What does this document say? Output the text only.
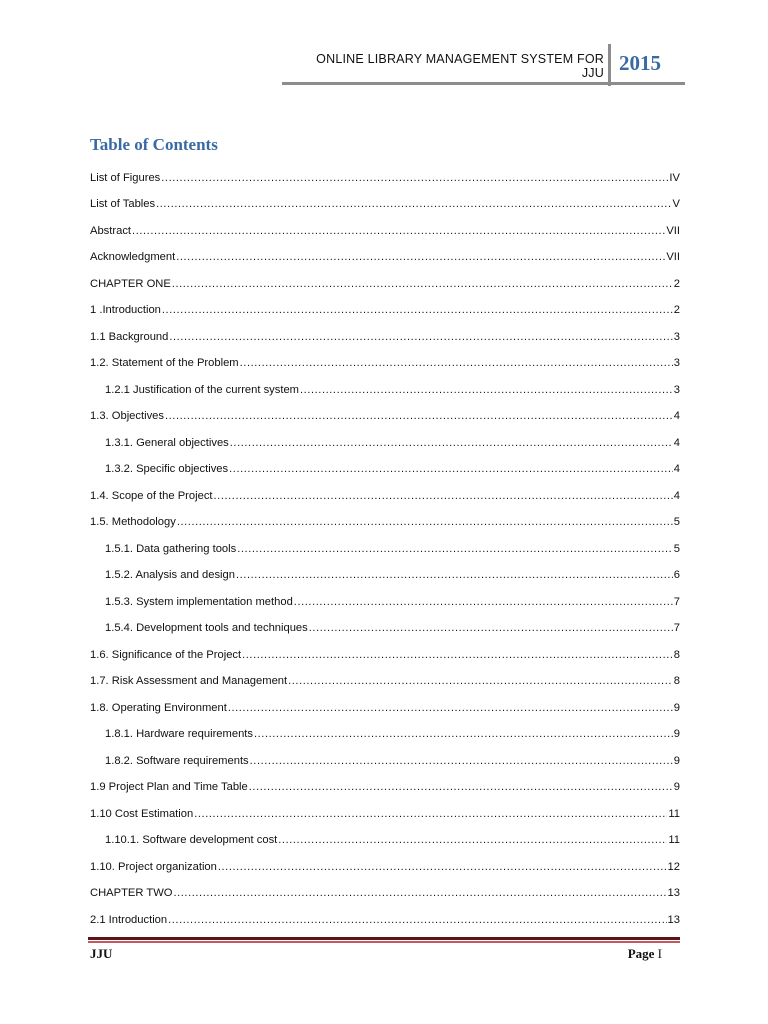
ONLINE LIBRARY MANAGEMENT SYSTEM FOR JJU 2015
Table of Contents
List of Figures .....	IV
List of Tables .....	V
Abstract .....	VII
Acknowledgment .....	VII
CHAPTER ONE .....	2
1 .Introduction .....	2
1.1 Background .....	3
1.2. Statement of the Problem .....	3
1.2.1 Justification of the current system .....	3
1.3. Objectives .....	4
1.3.1. General objectives .....	4
1.3.2. Specific objectives .....	4
1.4. Scope of the Project .....	4
1.5. Methodology .....	5
1.5.1. Data gathering tools .....	5
1.5.2. Analysis and design .....	6
1.5.3. System implementation method .....	7
1.5.4. Development tools and techniques .....	7
1.6. Significance of the Project .....	8
1.7. Risk Assessment and Management .....	8
1.8. Operating Environment .....	9
1.8.1. Hardware requirements .....	9
1.8.2. Software requirements .....	9
1.9 Project Plan and Time Table .....	9
1.10 Cost Estimation .....	11
1.10.1. Software development cost .....	11
1.10. Project organization .....	12
CHAPTER TWO .....	13
2.1 Introduction .....	13
JJU	Page I
